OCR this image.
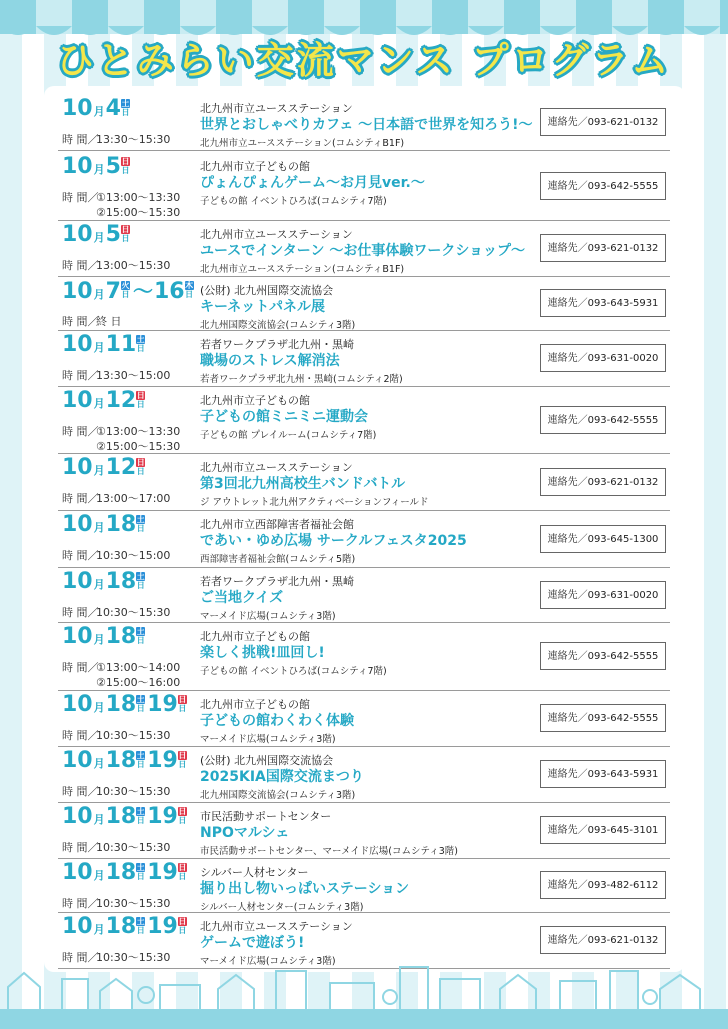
ひとみらい交流マンス プログラム
10月4 土
日
時 間／
13:30〜15:30
北九州市立ユースステーション
世界とおしゃべりカフェ 〜日本語で世界を知ろう!〜
北九州市立ユースステーション(コムシティB1F)
連絡先／093-621-0132
10月5 日
日
時 間／
①13:00〜13:30
②15:00〜15:30
北九州市立子どもの館
ぴょんぴょんゲーム〜お月見ver.〜
子どもの館 イベントひろば(コムシティ7階)
連絡先／093-642-5555
10月5 日
日
時 間／
13:00〜15:30
北九州市立ユースステーション
ユースでインターン 〜お仕事体験ワークショップ〜
北九州市立ユースステーション(コムシティB1F)
連絡先／093-621-0132
10月7 火
日 〜16 木
日
時 間／
終 日
(公財) 北九州国際交流協会
キーネットパネル展
北九州国際交流協会(コムシティ3階)
連絡先／093-643-5931
10月11 土
日
時 間／
13:30〜15:00
若者ワークプラザ北九州・黒崎
職場のストレス解消法
若者ワークプラザ北九州・黒崎(コムシティ2階)
連絡先／093-631-0020
10月12 日
日
時 間／
①13:00〜13:30
②15:00〜15:30
北九州市立子どもの館
子どもの館ミニミニ運動会
子どもの館 プレイルーム(コムシティ7階)
連絡先／093-642-5555
10月12 日
日
時 間／
13:00〜17:00
北九州市立ユースステーション
第3回北九州高校生バンドバトル
ジ アウトレット北九州アクティベーションフィールド
連絡先／093-621-0132
10月18 土
日
時 間／
10:30〜15:00
北九州市立西部障害者福祉会館
であい・ゆめ広場 サークルフェスタ2025
西部障害者福祉会館(コムシティ5階)
連絡先／093-645-1300
10月18 土
日
時 間／
10:30〜15:30
若者ワークプラザ北九州・黒崎
ご当地クイズ
マーメイド広場(コムシティ3階)
連絡先／093-631-0020
10月18 土
日
時 間／
①13:00〜14:00
②15:00〜16:00
北九州市立子どもの館
楽しく挑戦!皿回し!
子どもの館 イベントひろば(コムシティ7階)
連絡先／093-642-5555
10月18 土
日 19 日
日
時 間／
10:30〜15:30
北九州市立子どもの館
子どもの館わくわく体験
マーメイド広場(コムシティ3階)
連絡先／093-642-5555
10月18 土
日 19 日
日
時 間／
10:30〜15:30
(公財) 北九州国際交流協会
2025KIA国際交流まつり
北九州国際交流協会(コムシティ3階)
連絡先／093-643-5931
10月18 土
日 19 日
日
時 間／
10:30〜15:30
市民活動サポートセンター
NPOマルシェ
市民活動サポートセンター、マーメイド広場(コムシティ3階)
連絡先／093-645-3101
10月18 土
日 19 日
日
時 間／
10:30〜15:30
シルバー人材センター
掘り出し物いっぱいステーション
シルバー人材センター(コムシティ3階)
連絡先／093-482-6112
10月18 土
日 19 日
日
時 間／
10:30〜15:30
北九州市立ユースステーション
ゲームで遊ぼう!
マーメイド広場(コムシティ3階)
連絡先／093-621-0132
